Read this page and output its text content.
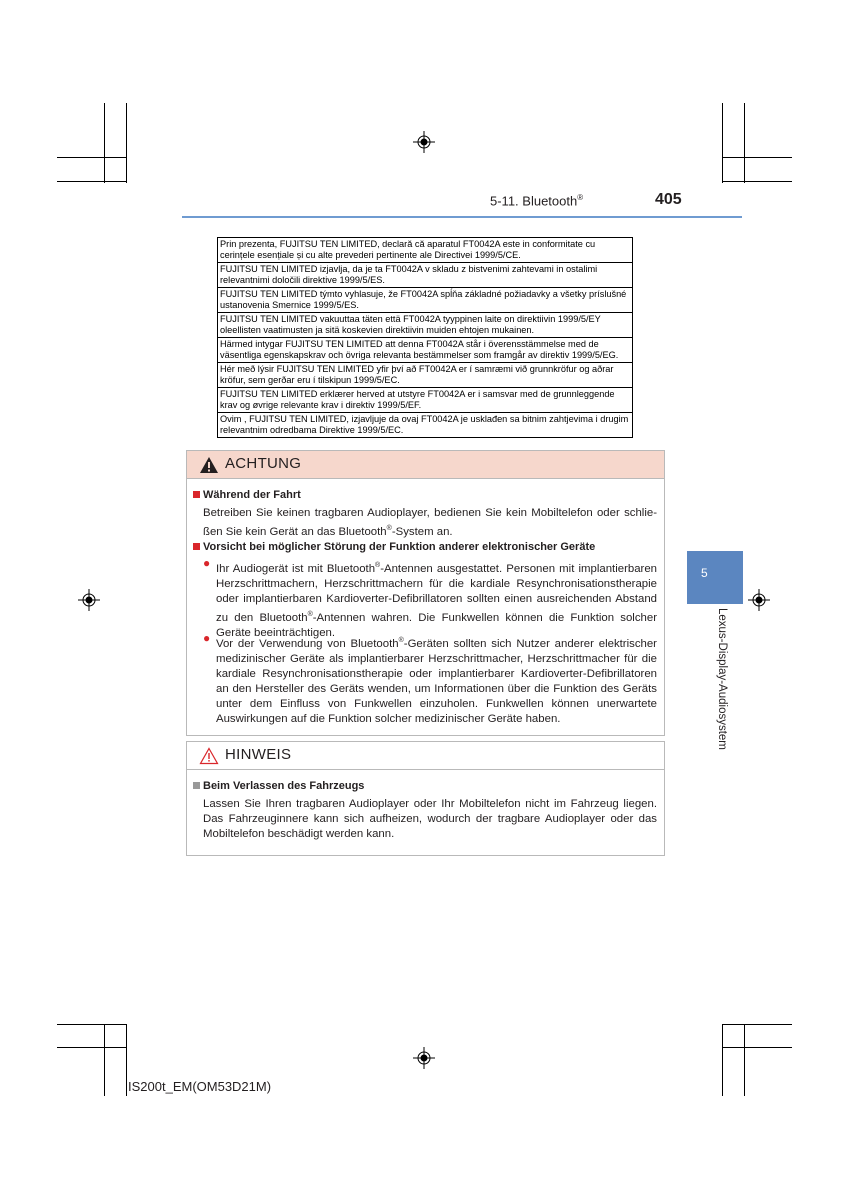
5-11. Bluetooth®	405
5
Lexus-Display-Audiosystem
Prin prezenta, FUJITSU TEN LIMITED, declară că aparatul FT0042A este in conformitate cu cerințele esențiale și cu alte prevederi pertinente ale Directivei 1999/5/CE.
FUJITSU TEN LIMITED izjavlja, da je ta FT0042A v skladu z bistvenimi zahtevami in ostalimi relevantnimi določili direktive 1999/5/ES.
FUJITSU TEN LIMITED týmto vyhlasuje, že FT0042A spĺňa základné požiadavky a všetky príslušné ustanovenia Smernice 1999/5/ES.
FUJITSU TEN LIMITED vakuuttaa täten että FT0042A tyyppinen laite on direktiivin 1999/5/EY oleellisten vaatimusten ja sitä koskevien direktiivin muiden ehtojen mukainen.
Härmed intygar FUJITSU TEN LIMITED att denna FT0042A står i överensstämmelse med de väsentliga egenskapskrav och övriga relevanta bestämmelser som framgår av direktiv 1999/5/EG.
Hér með lýsir FUJITSU TEN LIMITED yfir því að FT0042A er í samræmi við grunnkröfur og aðrar kröfur, sem gerðar eru í tilskipun 1999/5/EC.
FUJITSU TEN LIMITED erklærer herved at utstyre FT0042A er i samsvar med de grunnleggende krav og øvrige relevante krav i direktiv 1999/5/EF.
Ovim , FUJITSU TEN LIMITED, izjavljuje da ovaj FT0042A je usklađen sa bitnim zahtjevima i drugim relevantnim odredbama Direktive 1999/5/EC.
ACHTUNG
Während der Fahrt
Betreiben Sie keinen tragbaren Audioplayer, bedienen Sie kein Mobiltelefon oder schlie- ßen Sie kein Gerät an das Bluetooth®-System an.
Vorsicht bei möglicher Störung der Funktion anderer elektronischer Geräte
● Ihr Audiogerät ist mit Bluetooth®-Antennen ausgestattet. Personen mit implantierbaren Herzschrittmachern, Herzschrittmachern für die kardiale Resynchronisationstherapie oder implantierbaren Kardioverter-Defibrillatoren sollten einen ausreichenden Abstand zu den Bluetooth®-Antennen wahren. Die Funkwellen können die Funktion solcher Geräte beeinträchtigen.
● Vor der Verwendung von Bluetooth®-Geräten sollten sich Nutzer anderer elektrischer medizinischer Geräte als implantierbarer Herzschrittmacher, Herzschrittmacher für die kardiale Resynchronisationstherapie oder implantierbarer Kardioverter-Defibrillatoren an den Hersteller des Geräts wenden, um Informationen über die Funktion des Geräts unter dem Einfluss von Funkwellen einzuholen. Funkwellen können unerwartete Auswirkungen auf die Funktion solcher medizinischer Geräte haben.
HINWEIS
Beim Verlassen des Fahrzeugs
Lassen Sie Ihren tragbaren Audioplayer oder Ihr Mobiltelefon nicht im Fahrzeug liegen. Das Fahrzeuginnere kann sich aufheizen, wodurch der tragbare Audioplayer oder das Mobiltelefon beschädigt werden kann.
IS200t_EM(OM53D21M)
